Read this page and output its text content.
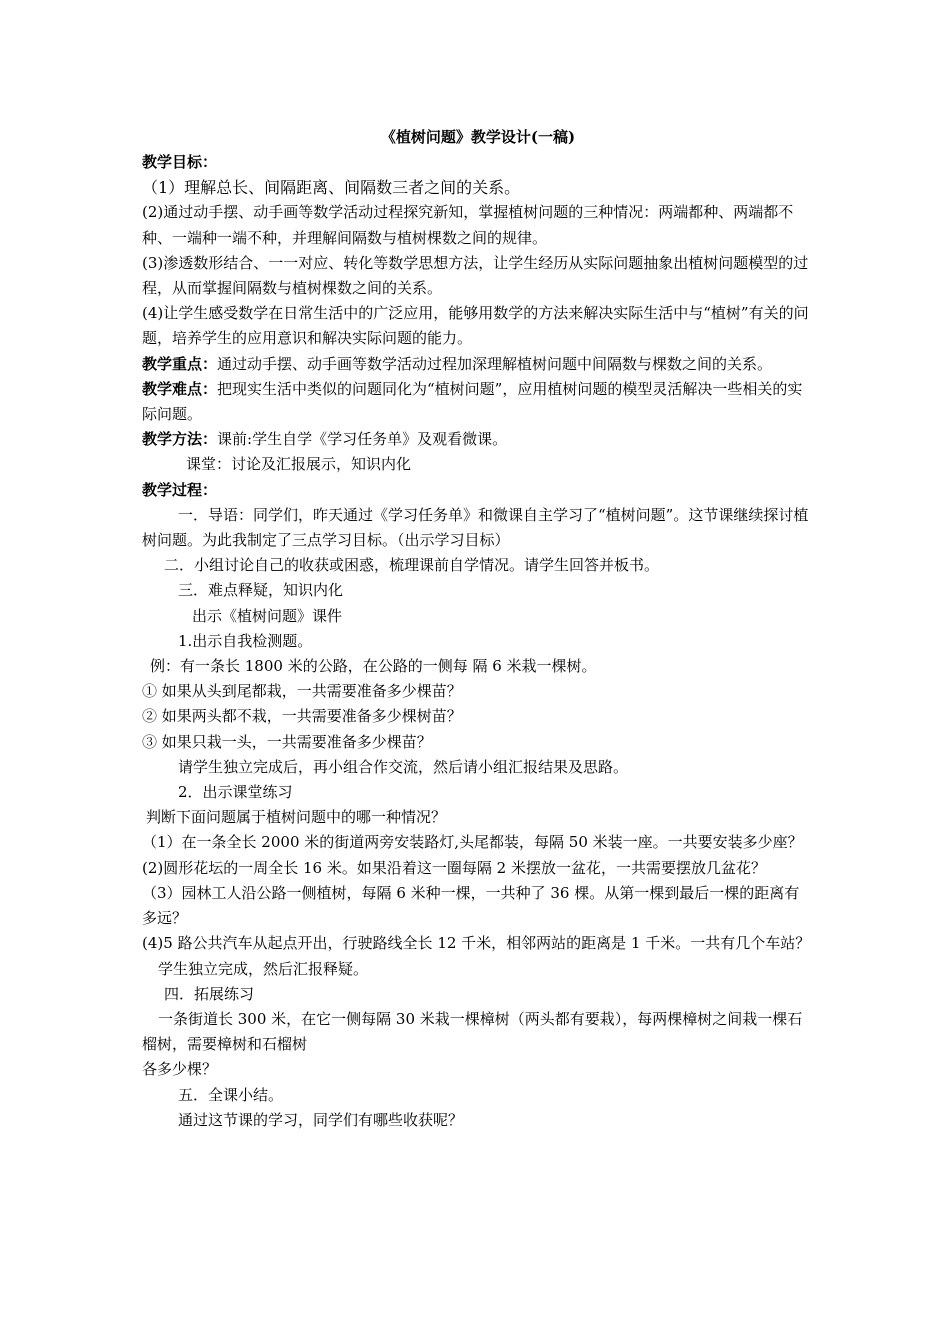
《植树问题》教学设计(一稿)
教学目标：
（1）理解总长、间隔距离、间隔数三者之间的关系。
(2)通过动手摆、动手画等数学活动过程探究新知，掌握植树问题的三种情况：两端都种、两端都不种、一端种一端不种，并理解间隔数与植树棵数之间的规律。
(3)渗透数形结合、一一对应、转化等数学思想方法，让学生经历从实际问题抽象出植树问题模型的过程，从而掌握间隔数与植树棵数之间的关系。
(4)让学生感受数学在日常生活中的广泛应用，能够用数学的方法来解决实际生活中与“植树”有关的问题，培养学生的应用意识和解决实际问题的能力。
教学重点：通过动手摆、动手画等数学活动过程加深理解植树问题中间隔数与棵数之间的关系。
教学难点：把现实生活中类似的问题同化为“植树问题”，应用植树问题的模型灵活解决一些相关的实际问题。
教学方法：课前:学生自学《学习任务单》及观看微课。
课堂：讨论及汇报展示，知识内化
教学过程：
一．导语：同学们，昨天通过《学习任务单》和微课自主学习了“植树问题”。这节课继续探讨植树问题。为此我制定了三点学习目标。（出示学习目标）
二．小组讨论自己的收获或困惑，梳理课前自学情况。请学生回答并板书。
三．难点释疑，知识内化
出示《植树问题》课件
1.出示自我检测题。
例：有一条长 1800 米的公路，在公路的一侧每 隔 6 米栽一棵树。
① 如果从头到尾都栽，一共需要准备多少棵苗？
② 如果两头都不栽，一共需要准备多少棵树苗？
③ 如果只栽一头，一共需要准备多少棵苗？
请学生独立完成后，再小组合作交流，然后请小组汇报结果及思路。
2．出示课堂练习
判断下面问题属于植树问题中的哪一种情况？
（1）在一条全长 2000 米的街道两旁安装路灯,头尾都装，每隔 50 米装一座。一共要安装多少座？
(2)圆形花坛的一周全长 16 米。如果沿着这一圈每隔 2 米摆放一盆花，一共需要摆放几盆花？
（3）园林工人沿公路一侧植树，每隔 6 米种一棵，一共种了 36 棵。从第一棵到最后一棵的距离有多远？
(4)5 路公共汽车从起点开出，行驶路线全长 12 千米，相邻两站的距离是 1 千米。一共有几个车站？
学生独立完成，然后汇报释疑。
四．拓展练习
一条街道长 300 米，在它一侧每隔 30 米栽一棵樟树（两头都有要栽），每两棵樟树之间栽一棵石榴树，需要樟树和石榴树
各多少棵？
五．全课小结。
通过这节课的学习，同学们有哪些收获呢？
